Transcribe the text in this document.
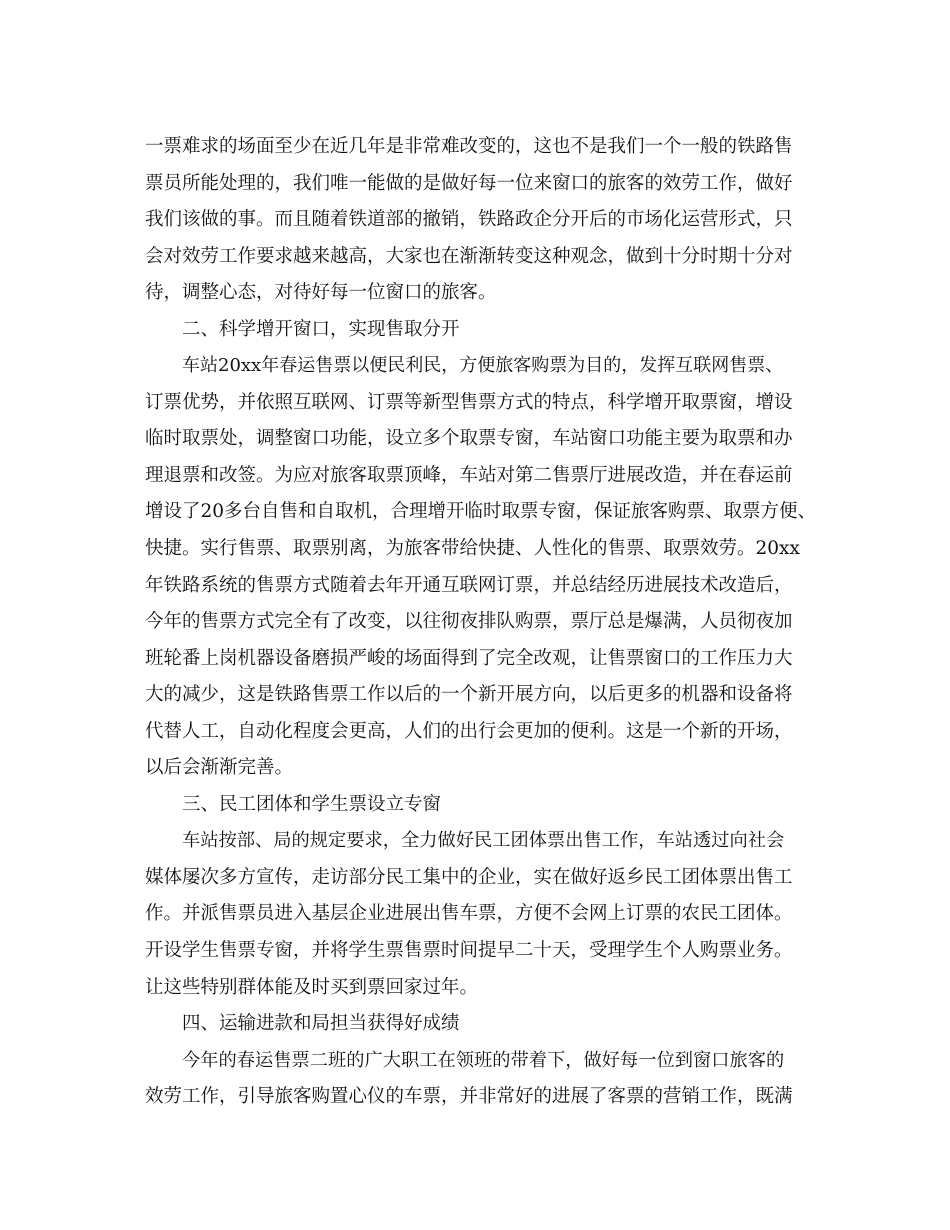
一票难求的场面至少在近几年是非常难改变的，这也不是我们一个一般的铁路售
票员所能处理的，我们唯一能做的是做好每一位来窗口的旅客的效劳工作，做好
我们该做的事。而且随着铁道部的撤销，铁路政企分开后的市场化运营形式，只
会对效劳工作要求越来越高，大家也在渐渐转变这种观念，做到十分时期十分对
待，调整心态，对待好每一位窗口的旅客。
二、科学增开窗口，实现售取分开
车站20xx年春运售票以便民利民，方便旅客购票为目的，发挥互联网售票、
订票优势，并依照互联网、订票等新型售票方式的特点，科学增开取票窗，增设
临时取票处，调整窗口功能，设立多个取票专窗，车站窗口功能主要为取票和办
理退票和改签。为应对旅客取票顶峰，车站对第二售票厅进展改造，并在春运前
增设了20多台自售和自取机，合理增开临时取票专窗，保证旅客购票、取票方便、
快捷。实行售票、取票别离，为旅客带给快捷、人性化的售票、取票效劳。20xx
年铁路系统的售票方式随着去年开通互联网订票，并总结经历进展技术改造后，
今年的售票方式完全有了改变，以往彻夜排队购票，票厅总是爆满，人员彻夜加
班轮番上岗机器设备磨损严峻的场面得到了完全改观，让售票窗口的工作压力大
大的减少，这是铁路售票工作以后的一个新开展方向，以后更多的机器和设备将
代替人工，自动化程度会更高，人们的出行会更加的便利。这是一个新的开场，
以后会渐渐完善。
三、民工团体和学生票设立专窗
车站按部、局的规定要求，全力做好民工团体票出售工作，车站透过向社会
媒体屡次多方宣传，走访部分民工集中的企业，实在做好返乡民工团体票出售工
作。并派售票员进入基层企业进展出售车票，方便不会网上订票的农民工团体。
开设学生售票专窗，并将学生票售票时间提早二十天，受理学生个人购票业务。
让这些特别群体能及时买到票回家过年。
四、运输进款和局担当获得好成绩
今年的春运售票二班的广大职工在领班的带着下，做好每一位到窗口旅客的
效劳工作，引导旅客购置心仪的车票，并非常好的进展了客票的营销工作，既满
